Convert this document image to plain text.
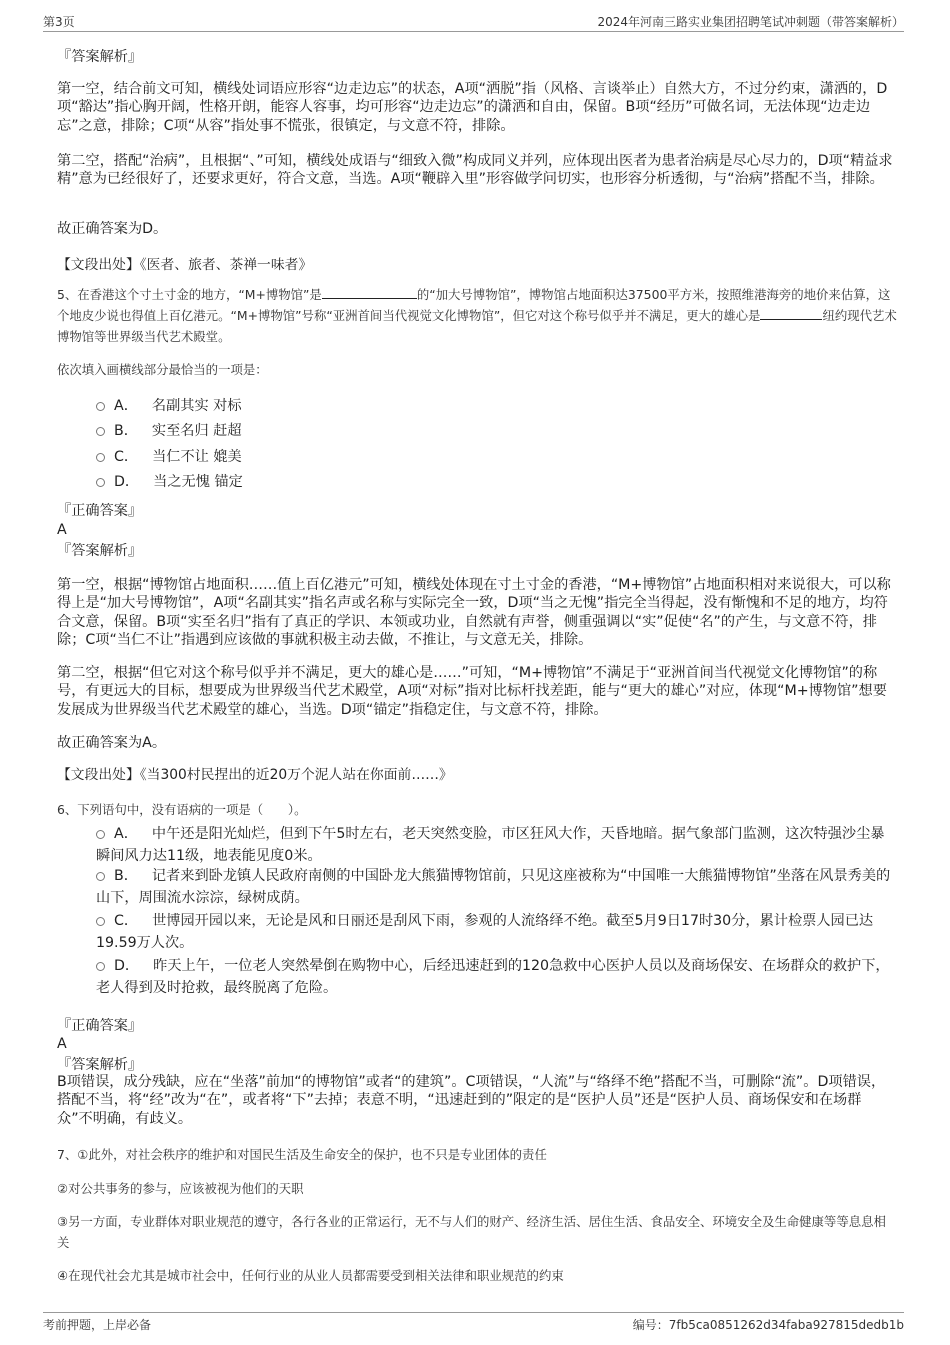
第3页	2024年河南三路实业集团招聘笔试冲刺题（带答案解析）
『答案解析』
第一空，结合前文可知，横线处词语应形容“边走边忘”的状态，A项“洒脱”指（风格、言谈举止）自然大方，不过分约束，潇洒的，D项“豁达”指心胸开阔，性格开朗，能容人容事，均可形容“边走边忘”的潇洒和自由，保留。B项“经历”可做名词，无法体现“边走边忘”之意，排除；C项“从容”指处事不慌张，很镇定，与文意不符，排除。
第二空，搭配“治病”，且根据“、”可知，横线处成语与“细致入微”构成同义并列，应体现出医者为患者治病是尽心尽力的，D项“精益求精”意为已经很好了，还要求更好，符合文意，当选。A项“鞭辟入里”形容做学问切实，也形容分析透彻，与“治病”搭配不当，排除。
故正确答案为D。
【文段出处】《医者、旅者、茶禅一味者》
5、在香港这个寸土寸金的地方，“M+博物馆”是	的“加大号博物馆”，博物馆占地面积达37500平方米，按照维港海旁的地价来估算，这个地皮少说也得值上百亿港元。“M+博物馆”号称“亚洲首间当代视觉文化博物馆”，但它对这个称号似乎并不满足，更大的雄心是	纽约现代艺术博物馆等世界级当代艺术殿堂。
依次填入画横线部分最恰当的一项是：
A． 名副其实 对标
B． 实至名归 赶超
C． 当仁不让 媲美
D． 当之无愧 锚定
『正确答案』
A
『答案解析』
第一空，根据“博物馆占地面积……值上百亿港元”可知，横线处体现在寸土寸金的香港，“M+博物馆”占地面积相对来说很大，可以称得上是“加大号博物馆”，A项“名副其实”指名声或名称与实际完全一致，D项“当之无愧”指完全当得起，没有惭愧和不足的地方，均符合文意，保留。B项“实至名归”指有了真正的学识、本领或功业，自然就有声誉，侧重强调以“实”促使“名”的产生，与文意不符，排除；C项“当仁不让”指遇到应该做的事就积极主动去做，不推让，与文意无关，排除。
第二空，根据“但它对这个称号似乎并不满足，更大的雄心是……”可知，“M+博物馆”不满足于“亚洲首间当代视觉文化博物馆”的称号，有更远大的目标，想要成为世界级当代艺术殿堂，A项“对标”指对比标杆找差距，能与“更大的雄心”对应，体现“M+博物馆”想要发展成为世界级当代艺术殿堂的雄心，当选。D项“锚定”指稳定住，与文意不符，排除。
故正确答案为A。
【文段出处】《当300村民捏出的近20万个泥人站在你面前……》
6、下列语句中，没有语病的一项是（　　）。
A． 中午还是阳光灿烂，但到下午5时左右，老天突然变脸，市区狂风大作，天昏地暗。据气象部门监测，这次特强沙尘暴瞬间风力达11级，地表能见度0米。
B． 记者来到卧龙镇人民政府南侧的中国卧龙大熊猫博物馆前，只见这座被称为“中国唯一大熊猫博物馆”坐落在风景秀美的山下，周围流水淙淙，绿树成荫。
C． 世博园开园以来，无论是风和日丽还是刮风下雨，参观的人流络绎不绝。截至5月9日17时30分，累计检票人园已达19.59万人次。
D． 昨天上午，一位老人突然晕倒在购物中心，后经迅速赶到的120急救中心医护人员以及商场保安、在场群众的救护下，老人得到及时抢救，最终脱离了危险。
『正确答案』
A
『答案解析』
B项错误，成分残缺，应在“坐落”前加“的博物馆”或者“的建筑”。C项错误，“人流”与“络绎不绝”搭配不当，可删除“流”。D项错误，搭配不当，将“经”改为“在”，或者将“下”去掉；表意不明，“迅速赶到的”限定的是“医护人员”还是“医护人员、商场保安和在场群众”不明确，有歧义。
7、①此外，对社会秩序的维护和对国民生活及生命安全的保护，也不只是专业团体的责任
②对公共事务的参与，应该被视为他们的天职
③另一方面，专业群体对职业规范的遵守，各行各业的正常运行，无不与人们的财产、经济生活、居住生活、食品安全、环境安全及生命健康等等息息相关
④在现代社会尤其是城市社会中，任何行业的从业人员都需要受到相关法律和职业规范的约束
考前押题，上岸必备	编号：7fb5ca0851262d34faba927815dedb1b
